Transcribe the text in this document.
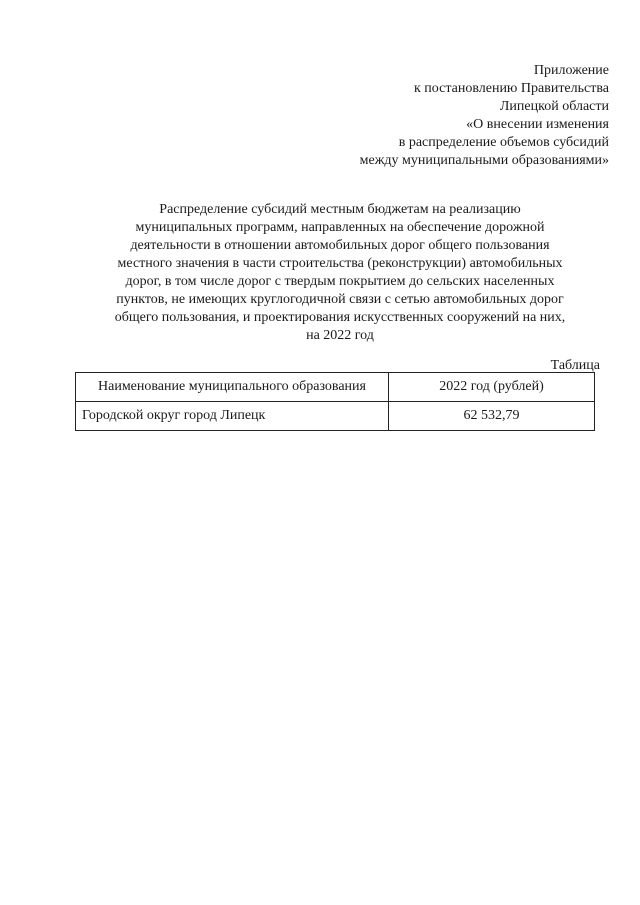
Приложение
к постановлению Правительства
Липецкой области
«О внесении изменения
в распределение объемов субсидий
между муниципальными образованиями»
Распределение субсидий местным бюджетам на реализацию
муниципальных программ, направленных на обеспечение дорожной
деятельности в отношении автомобильных дорог общего пользования
местного значения в части строительства (реконструкции) автомобильных
дорог, в том числе дорог с твердым покрытием до сельских населенных
пунктов, не имеющих круглогодичной связи с сетью автомобильных дорог
общего пользования, и проектирования искусственных сооружений на них,
на 2022 год
Таблица
Наименование муниципального образования	2022 год (рублей)
Городской округ город Липецк	62 532,79
